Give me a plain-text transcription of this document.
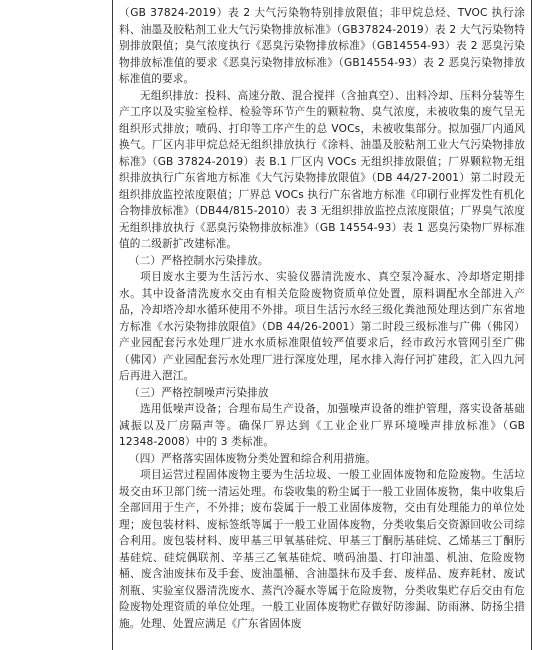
（GB 37824-2019）表 2 大气污染物特别排放限值；非甲烷总烃、TVOC 执行涂料、油墨及胶粘剂工业大气污染物排放标准》（GB37824-2019）表 2 大气污染物特别排放限值；臭气浓度执行《恶臭污染物排放标准》（GB14554-93）表 2 恶臭污染物排放标准值的要求《恶臭污染物排放标准》（GB14554-93）表 2 恶臭污染物排放标准值的要求。

无组织排放：投料、高速分散、混合搅拌（含抽真空）、出料冷却、压料分装等生产工序以及实验室检样、检验等环节产生的颗粒物、臭气浓度，未被收集的废气呈无组织形式排放；喷码、打印等工序产生的总 VOCs，未被收集部分。拟加强厂内通风换气。厂区内非甲烷总烃无组织排放执行《涂料、油墨及胶粘剂工业大气污染物排放标准》（GB 37824-2019）表 B.1 厂区内 VOCs 无组织排放限值；厂界颗粒物无组织排放执行广东省地方标准《大气污染物排放限值》（DB 44/27-2001）第二时段无组织排放监控浓度限值；厂界总 VOCs 执行广东省地方标准《印刷行业挥发性有机化合物排放标准》（DB44/815-2010）表 3 无组织排放监控点浓度限值；厂界臭气浓度无组织排放执行《恶臭污染物排放标准》（GB 14554-93）表 1 恶臭污染物厂界标准值的二级新扩改建标准。

（二）严格控制水污染排放。

项目废水主要为生活污水、实验仪器清洗废水、真空泵冷凝水、冷却塔定期排水。其中设备清洗废水交由有相关危险废物资质单位处置，原料调配水全部进入产品，冷却塔冷却水循环使用不外排。项目生活污水经三级化粪池预处理达到广东省地方标准《水污染物排放限值》（DB 44/26-2001）第二时段三级标准与广佛（佛冈）产业园配套污水处理厂进水水质标准限值较严值要求后，经市政污水管网引至广佛（佛冈）产业园配套污水处理厂进行深度处理，尾水排入海仔河扩建段，汇入四九河后再进入潖江。

（三）严格控制噪声污染排放

选用低噪声设备；合理布局生产设备，加强噪声设备的维护管理，落实设备基础减振以及厂房隔声等。确保厂界达到《工业企业厂界环境噪声排放标准》（GB 12348-2008）中的 3 类标准。

（四）严格落实固体废物分类处置和综合利用措施。

项目运营过程固体废物主要为生活垃圾、一般工业固体废物和危险废物。生活垃圾交由环卫部门统一清运处理。布袋收集的粉尘属于一般工业固体废物，集中收集后全部回用于生产，不外排；废布袋属于一般工业固体废物，交由有处理能力的单位处理；废包装材料、废标签纸等属于一般工业固体废物，分类收集后交资源回收公司综合利用。废包装材料、废甲基三甲氧基硅烷、甲基三丁酮肟基硅烷、乙烯基三丁酮肟基硅烷、硅烷偶联剂、辛基三乙氧基硅烷、喷码油墨、打印油墨、机油、危险废物桶、废含油废抹布及手套、废油墨桶、含油墨抹布及手套、废样品、废弃耗材、废试剂瓶、实验室仪器清洗废水、蒸汽冷凝水等属于危险废物，分类收集贮存后交由有危险废物处理资质的单位处理。一般工业固体废物贮存做好防渗漏、防雨淋、防扬尘措施。处理、处置应满足《广东省固体废
